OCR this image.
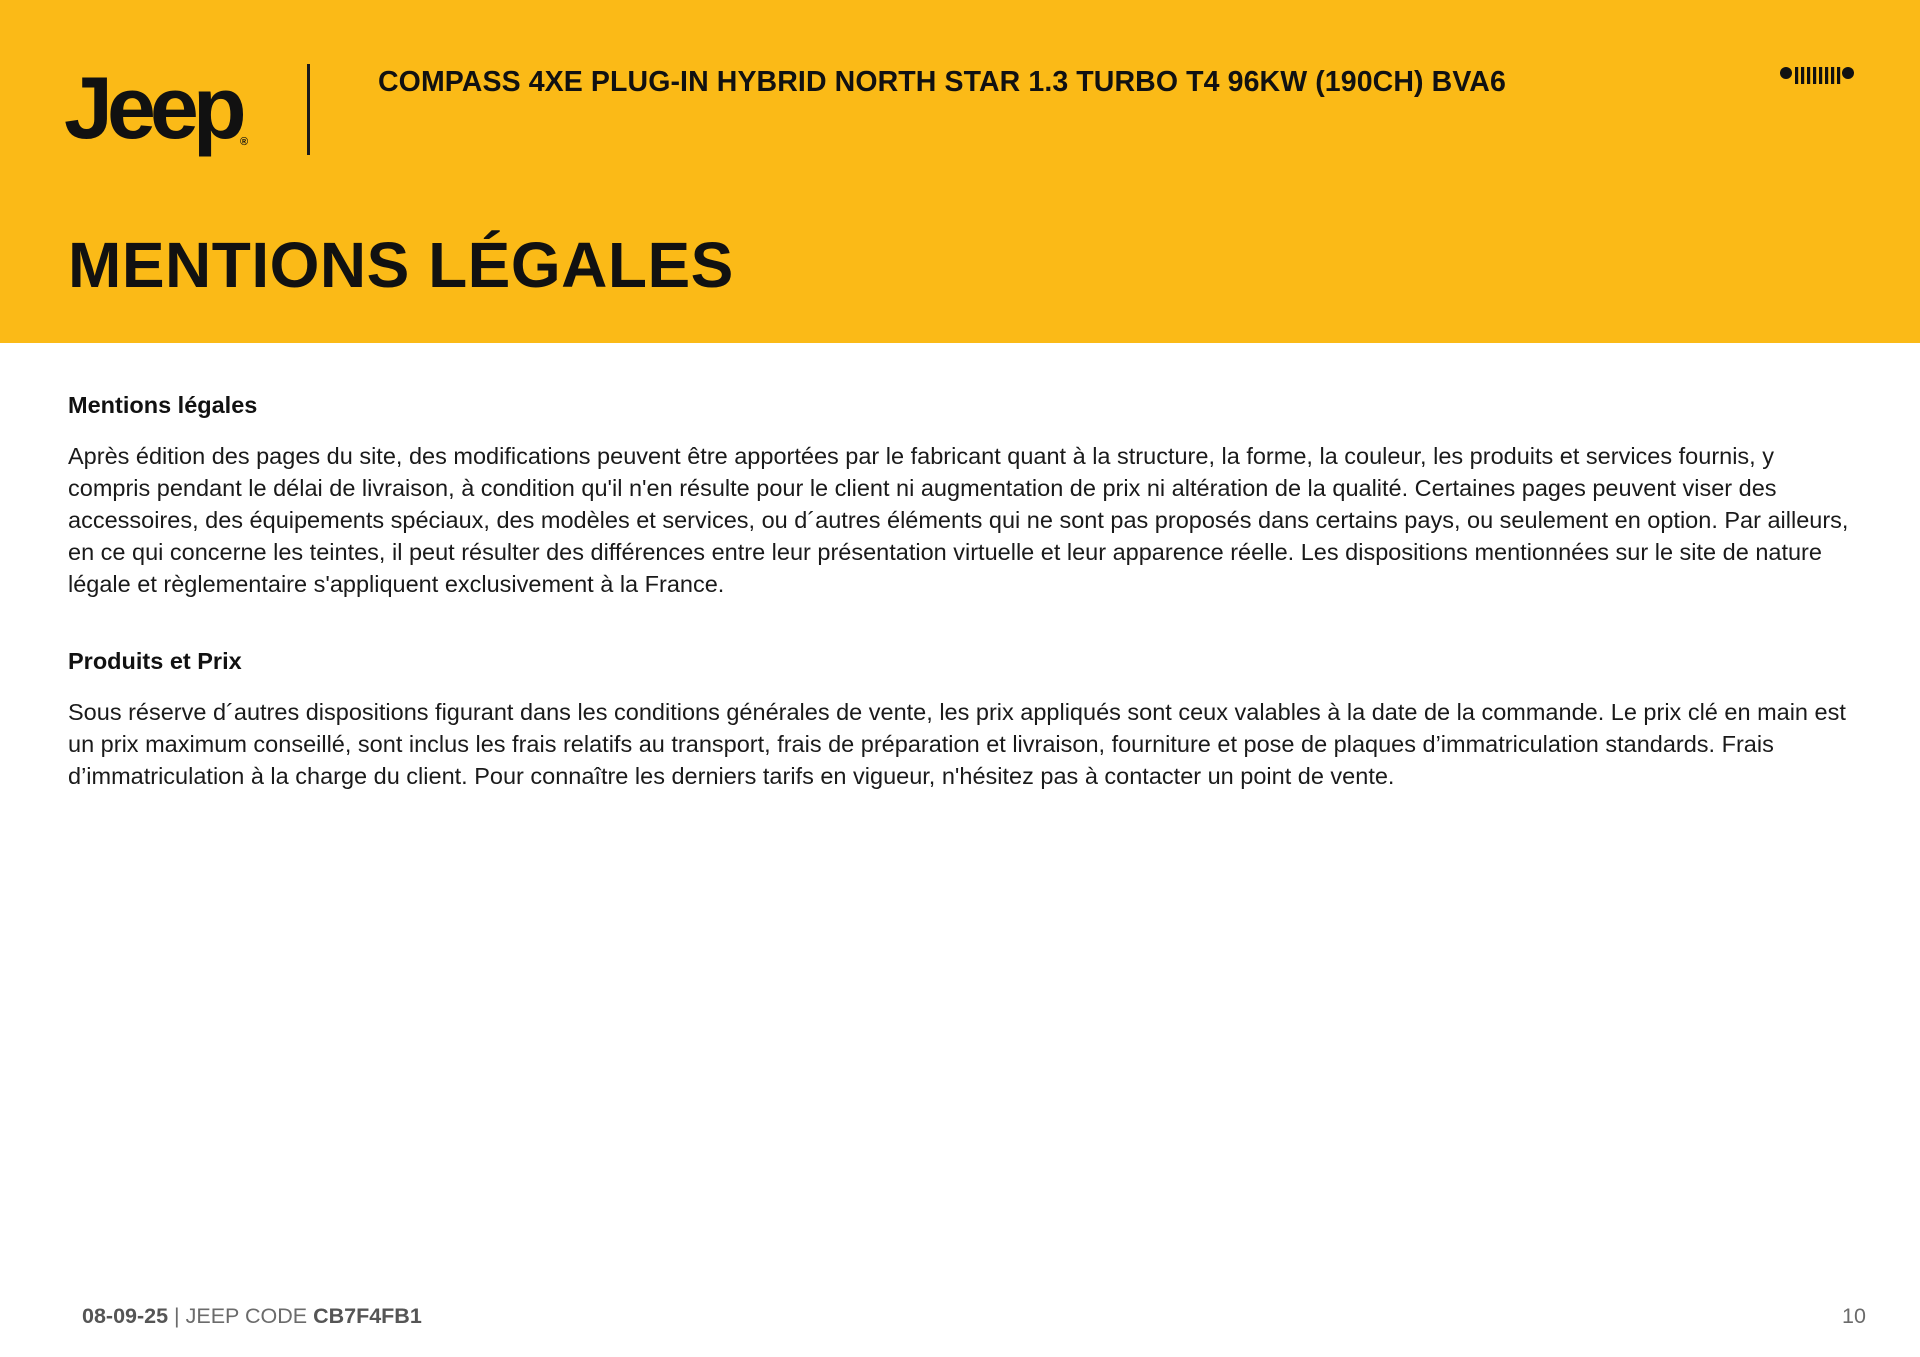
Jeep ®
COMPASS 4XE PLUG-IN HYBRID NORTH STAR 1.3 TURBO T4 96KW (190CH) BVA6
MENTIONS LÉGALES
Mentions légales

Après édition des pages du site, des modifications peuvent être apportées par le fabricant quant à la structure, la forme, la couleur, les produits et services fournis, y compris pendant le délai de livraison, à condition qu'il n'en résulte pour le client ni augmentation de prix ni altération de la qualité. Certaines pages peuvent viser des accessoires, des équipements spéciaux, des modèles et services, ou d´autres éléments qui ne sont pas proposés dans certains pays, ou seulement en option. Par ailleurs, en ce qui concerne les teintes, il peut résulter des différences entre leur présentation virtuelle et leur apparence réelle. Les dispositions mentionnées sur le site de nature légale et règlementaire s'appliquent exclusivement à la France.

Produits et Prix

Sous réserve d´autres dispositions figurant dans les conditions générales de vente, les prix appliqués sont ceux valables à la date de la commande. Le prix clé en main est un prix maximum conseillé, sont inclus les frais relatifs au transport, frais de préparation et livraison, fourniture et pose de plaques d’immatriculation standards. Frais d’immatriculation à la charge du client. Pour connaître les derniers tarifs en vigueur, n'hésitez pas à contacter un point de vente.

08-09-25 | JEEP CODE CB7F4FB1	10
